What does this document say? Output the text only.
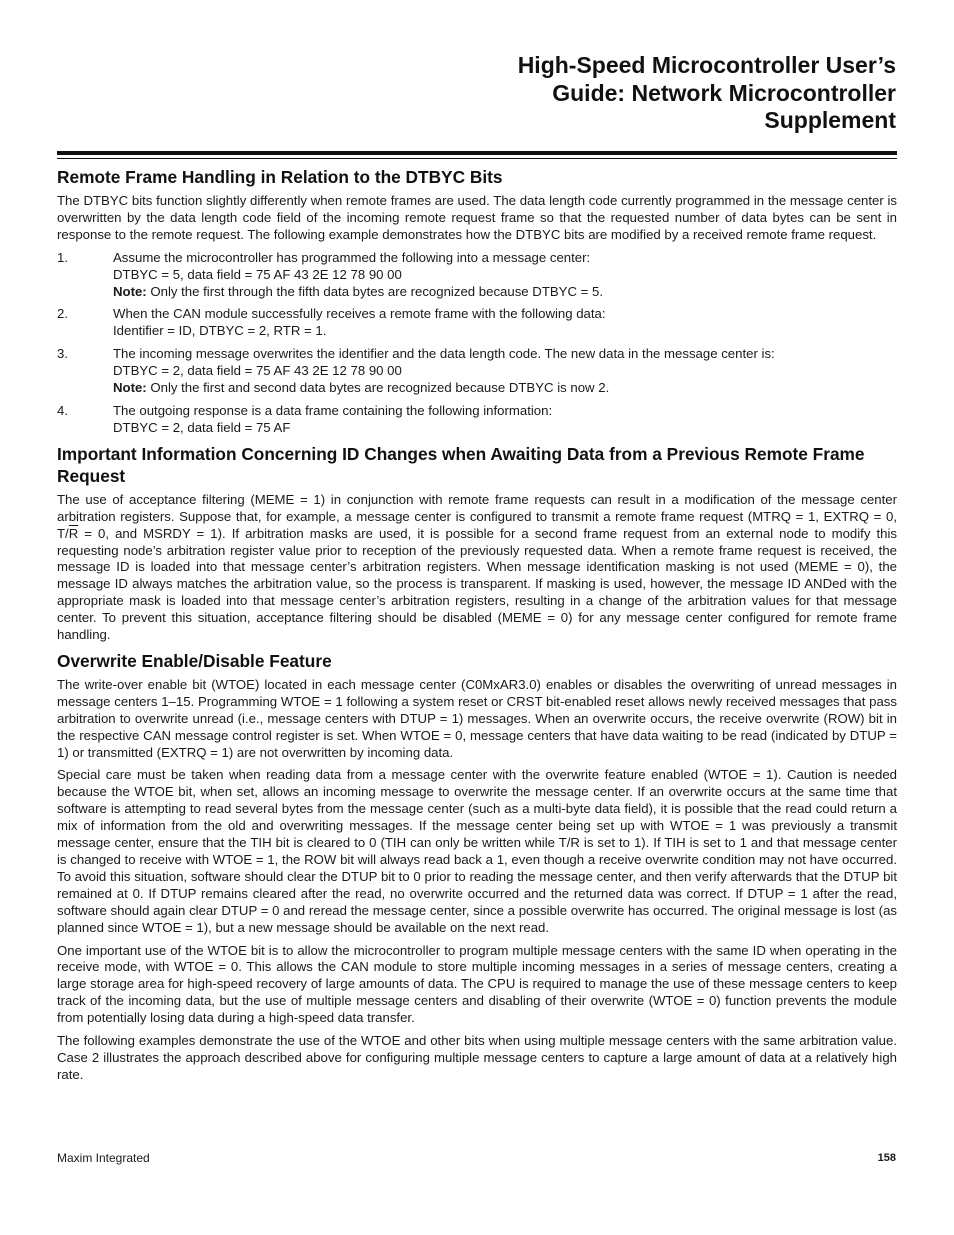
High-Speed Microcontroller User’s
Guide: Network Microcontroller
Supplement
Remote Frame Handling in Relation to the DTBYC Bits

The DTBYC bits function slightly differently when remote frames are used. The data length code currently programmed in the message center is overwritten by the data length code field of the incoming remote request frame so that the requested number of data bytes can be sent in response to the remote request. The following example demonstrates how the DTBYC bits are modified by a received remote frame request.

1.	Assume the microcontroller has programmed the following into a message center:
DTBYC = 5, data field = 75 AF 43 2E 12 78 90 00
Note: Only the first through the fifth data bytes are recognized because DTBYC = 5.
2.	When the CAN module successfully receives a remote frame with the following data:
Identifier = ID, DTBYC = 2, RTR = 1.
3.	The incoming message overwrites the identifier and the data length code. The new data in the message center is:
DTBYC = 2, data field = 75 AF 43 2E 12 78 90 00
Note: Only the first and second data bytes are recognized because DTBYC is now 2.
4.	The outgoing response is a data frame containing the following information:
DTBYC = 2, data field = 75 AF
Important Information Concerning ID Changes when Awaiting Data from a Previous Remote Frame Request

The use of acceptance filtering (MEME = 1) in conjunction with remote frame requests can result in a modification of the message center arbitration registers. Suppose that, for example, a message center is configured to transmit a remote frame request (MTRQ = 1, EXTRQ = 0, $T/\overline{R} = 0$, and MSRDY = 1). If arbitration masks are used, it is possible for a second frame request from an external node to modify this requesting node’s arbitration register value prior to reception of the previously requested data. When a remote frame request is received, the message ID is loaded into that message center’s arbitration registers. When message identification masking is not used (MEME = 0), the message ID always matches the arbitration value, so the process is transparent. If masking is used, however, the message ID ANDed with the appropriate mask is loaded into that message center’s arbitration registers, resulting in a change of the arbitration values for that message center. To prevent this situation, acceptance filtering should be disabled (MEME = 0) for any message center configured for remote frame handling.

Overwrite Enable/Disable Feature

The write-over enable bit (WTOE) located in each message center (C0MxAR3.0) enables or disables the overwriting of unread messages in message centers 1–15. Programming WTOE = 1 following a system reset or CRST bit-enabled reset allows newly received messages that pass arbitration to overwrite unread (i.e., message centers with DTUP = 1) messages. When an overwrite occurs, the receive overwrite (ROW) bit in the respective CAN message control register is set. When WTOE = 0, message centers that have data waiting to be read (indicated by DTUP = 1) or transmitted (EXTRQ = 1) are not overwritten by incoming data.

Special care must be taken when reading data from a message center with the overwrite feature enabled (WTOE = 1). Caution is needed because the WTOE bit, when set, allows an incoming message to overwrite the message center. If an overwrite occurs at the same time that software is attempting to read several bytes from the message center (such as a multi-byte data field), it is possible that the read could return a mix of information from the old and overwriting messages. If the message center being set up with WTOE = 1 was previously a transmit message center, ensure that the TIH bit is cleared to 0 (TIH can only be written while T/R is set to 1). If TIH is set to 1 and that message center is changed to receive with WTOE = 1, the ROW bit will always read back a 1, even though a receive overwrite condition may not have occurred. To avoid this situation, software should clear the DTUP bit to 0 prior to reading the message center, and then verify afterwards that the DTUP bit remained at 0. If DTUP remains cleared after the read, no overwrite occurred and the returned data was correct. If DTUP = 1 after the read, software should again clear DTUP = 0 and reread the message center, since a possible overwrite has occurred. The original message is lost (as planned since WTOE = 1), but a new message should be available on the next read.

One important use of the WTOE bit is to allow the microcontroller to program multiple message centers with the same ID when operating in the receive mode, with WTOE = 0. This allows the CAN module to store multiple incoming messages in a series of message centers, creating a large storage area for high-speed recovery of large amounts of data. The CPU is required to manage the use of these message centers to keep track of the incoming data, but the use of multiple message centers and disabling of their overwrite (WTOE = 0) function prevents the module from potentially losing data during a high-speed data transfer.

The following examples demonstrate the use of the WTOE and other bits when using multiple message centers with the same arbitration value. Case 2 illustrates the approach described above for configuring multiple message centers to capture a large amount of data at a relatively high rate.

Maxim Integrated	158
